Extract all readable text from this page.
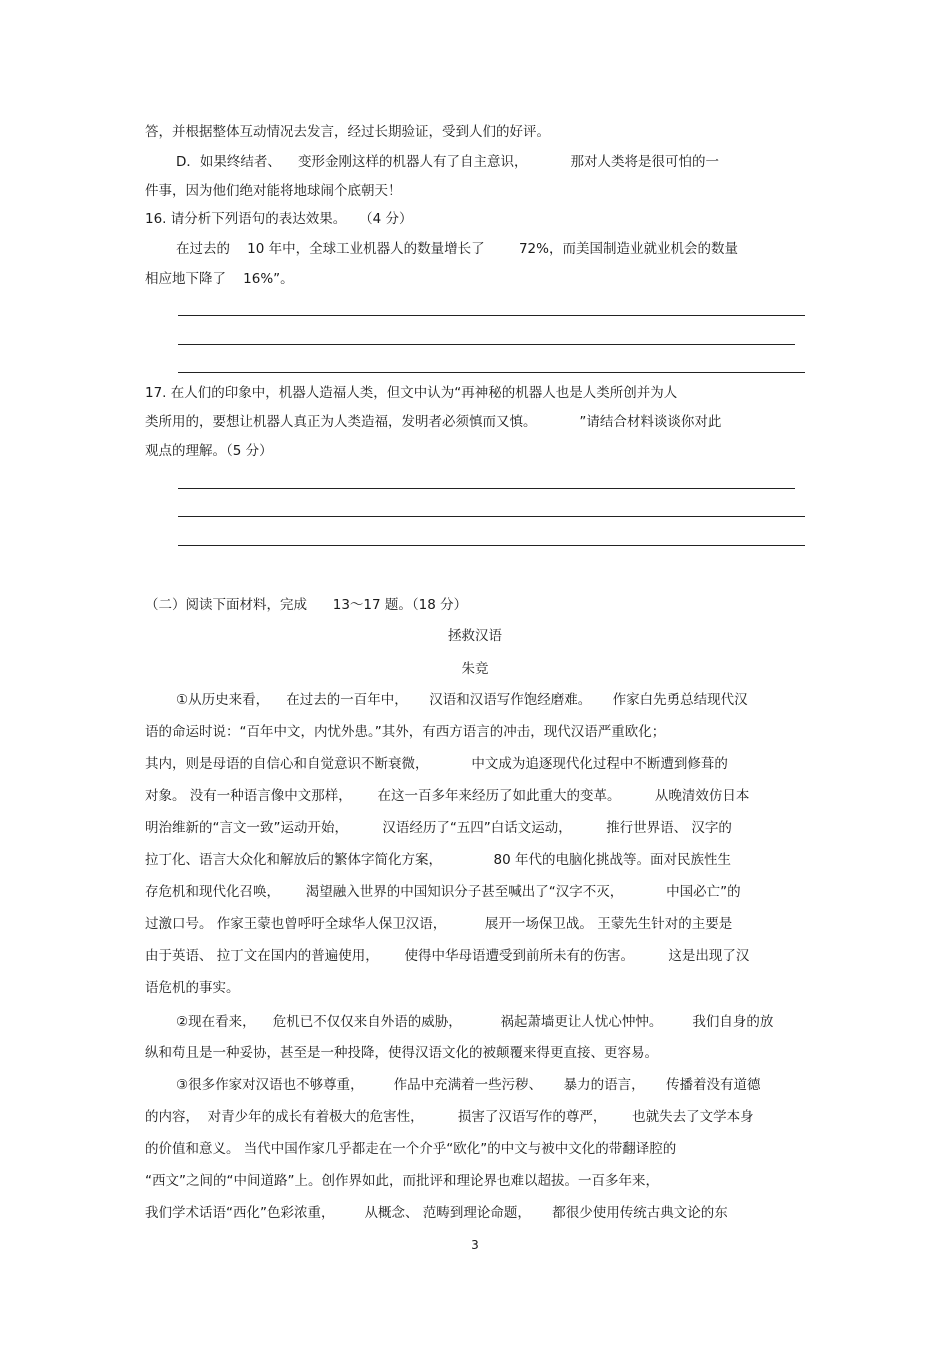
答，并根据整体互动情况去发言，经过长期验证，受到人们的好评。
D．如果终结者、    变形金刚这样的机器人有了自主意识，          那对人类将是很可怕的一
件事，因为他们绝对能将地球闹个底朝天！
16. 请分析下列语句的表达效果。   （4 分）
在过去的    10 年中，全球工业机器人的数量增长了        72%，而美国制造业就业机会的数量
相应地下降了    16%”。
17. 在人们的印象中，机器人造福人类，但文中认为“再神秘的机器人也是人类所创并为人
类所用的，要想让机器人真正为人类造福，发明者必须慎而又慎。          ”请结合材料谈谈你对此
观点的理解。（5 分）
（二）阅读下面材料，完成      13～17 题。（18 分）
拯救汉语
朱竞
①从历史来看，    在过去的一百年中，     汉语和汉语写作饱经磨难。     作家白先勇总结现代汉
语的命运时说：“百年中文，内忧外患。”其外，有西方语言的冲击，现代汉语严重欧化；
其内，则是母语的自信心和自觉意识不断衰微，          中文成为追逐现代化过程中不断遭到修葺的
对象。 没有一种语言像中文那样，      在这一百多年来经历了如此重大的变革。        从晚清效仿日本
明治维新的“言文一致”运动开始，        汉语经历了“五四”白话文运动，        推行世界语、 汉字的
拉丁化、语言大众化和解放后的繁体字简化方案，            80 年代的电脑化挑战等。面对民族性生
存危机和现代化召唤，      渴望融入世界的中国知识分子甚至喊出了“汉字不灭，          中国必亡”的
过激口号。 作家王蒙也曾呼吁全球华人保卫汉语，         展开一场保卫战。 王蒙先生针对的主要是
由于英语、 拉丁文在国内的普遍使用，      使得中华母语遭受到前所未有的伤害。        这是出现了汉
语危机的事实。
②现在看来，    危机已不仅仅来自外语的威胁，         祸起萧墙更让人忧心忡忡。       我们自身的放
纵和苟且是一种妥协，甚至是一种投降，使得汉语文化的被颠覆来得更直接、更容易。
③很多作家对汉语也不够尊重，       作品中充满着一些污秽、     暴力的语言，     传播着没有道德
的内容，  对青少年的成长有着极大的危害性，        损害了汉语写作的尊严，      也就失去了文学本身
的价值和意义。 当代中国作家几乎都走在一个介乎“欧化”的中文与被中文化的带翻译腔的
“西文”之间的“中间道路”上。创作界如此，而批评和理论界也难以超拔。一百多年来，
我们学术话语“西化”色彩浓重，       从概念、 范畴到理论命题，     都很少使用传统古典文论的东
3
